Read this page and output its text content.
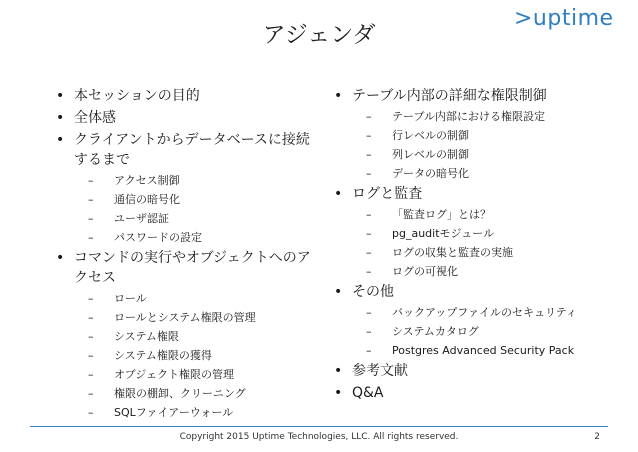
>uptime
アジェンダ
• 本セッションの目的
• 全体感
• クライアントからデータベースに接続するまで
– アクセス制御
– 通信の暗号化
– ユーザ認証
– パスワードの設定
• コマンドの実行やオブジェクトへのアクセス
– ロール
– ロールとシステム権限の管理
– システム権限
– システム権限の獲得
– オブジェクト権限の管理
– 権限の棚卸、クリーニング
– SQLファイアーウォール
• テーブル内部の詳細な権限制御
– テーブル内部における権限設定
– 行レベルの制御
– 列レベルの制御
– データの暗号化
• ログと監査
– 「監査ログ」とは？
– pg_auditモジュール
– ログの収集と監査の実施
– ログの可視化
• その他
– バックアップファイルのセキュリティ
– システムカタログ
– Postgres Advanced Security Pack
• 参考文献
• Q&A
Copyright 2015 Uptime Technologies, LLC. All rights reserved.	2
